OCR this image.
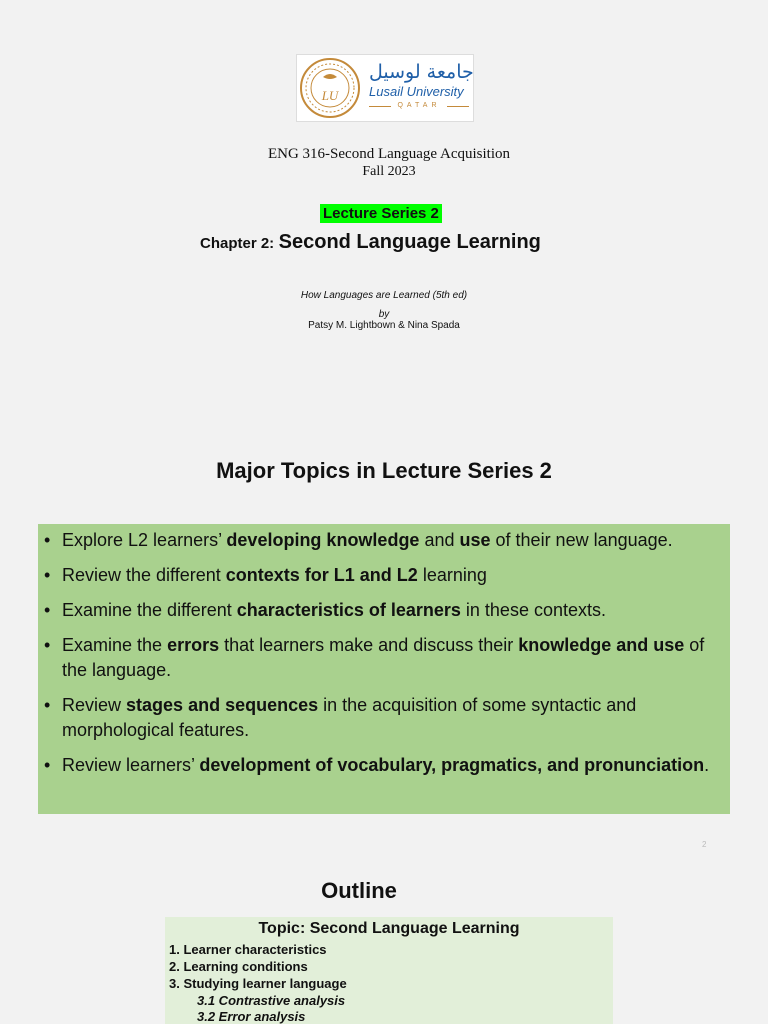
LU
جامعة لوسيل
Lusail University
QATAR
ENG 316-Second Language Acquisition
Fall 2023
Lecture Series 2
Chapter 2: Second Language Learning
How Languages are Learned (5th ed)
by
Patsy M. Lightbown & Nina Spada
Major Topics in Lecture Series 2
• Explore L2 learners’ developing knowledge and use of their new language.
• Review the different contexts for L1 and L2 learning
• Examine the different characteristics of learners in these contexts.
• Examine the errors that learners make and discuss their knowledge and use of the language.
• Review stages and sequences in the acquisition of some syntactic and morphological features.
• Review learners’ development of vocabulary, pragmatics, and pronunciation.
2
Outline
Topic: Second Language Learning
1. Learner characteristics
2. Learning conditions
3. Studying learner language
3.1 Contrastive analysis
3.2 Error analysis
